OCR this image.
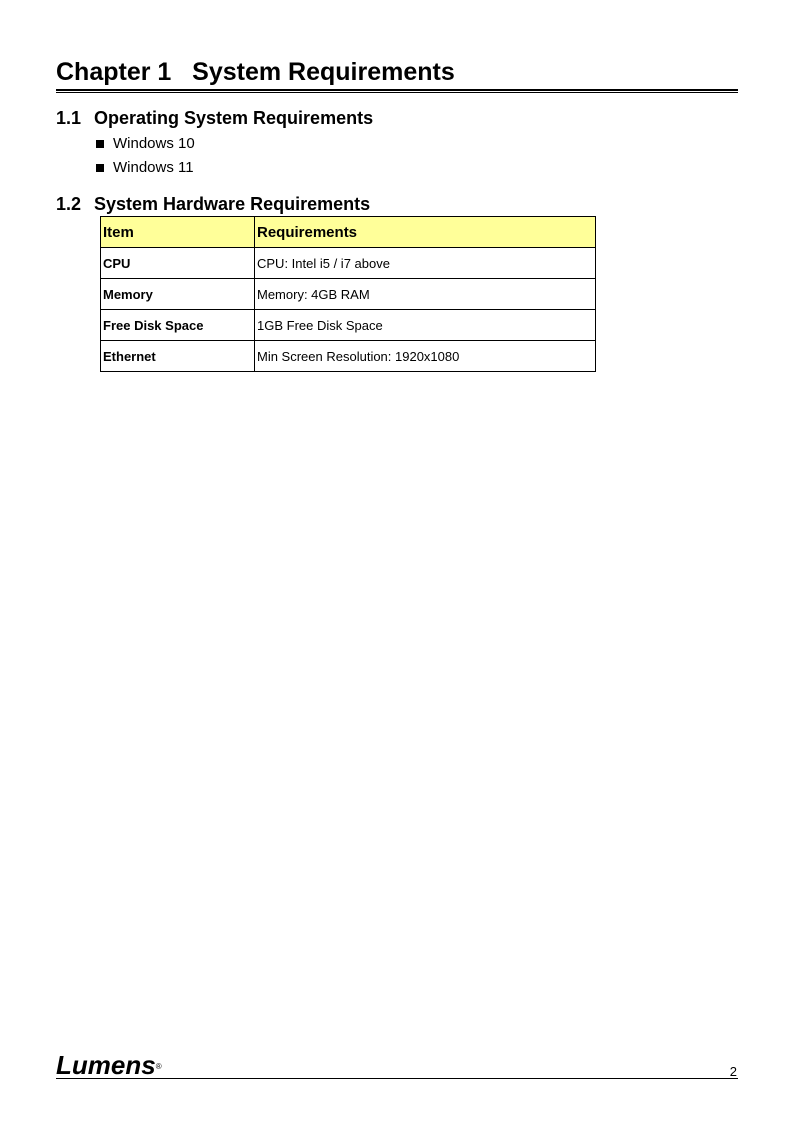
Chapter 1   System Requirements
1.1 Operating System Requirements
Windows 10
Windows 11
1.2 System Hardware Requirements
Item	Requirements
CPU	CPU: Intel i5 / i7 above
Memory	Memory: 4GB RAM
Free Disk Space	1GB Free Disk Space
Ethernet	Min Screen Resolution: 1920x1080
Lumens®	2
